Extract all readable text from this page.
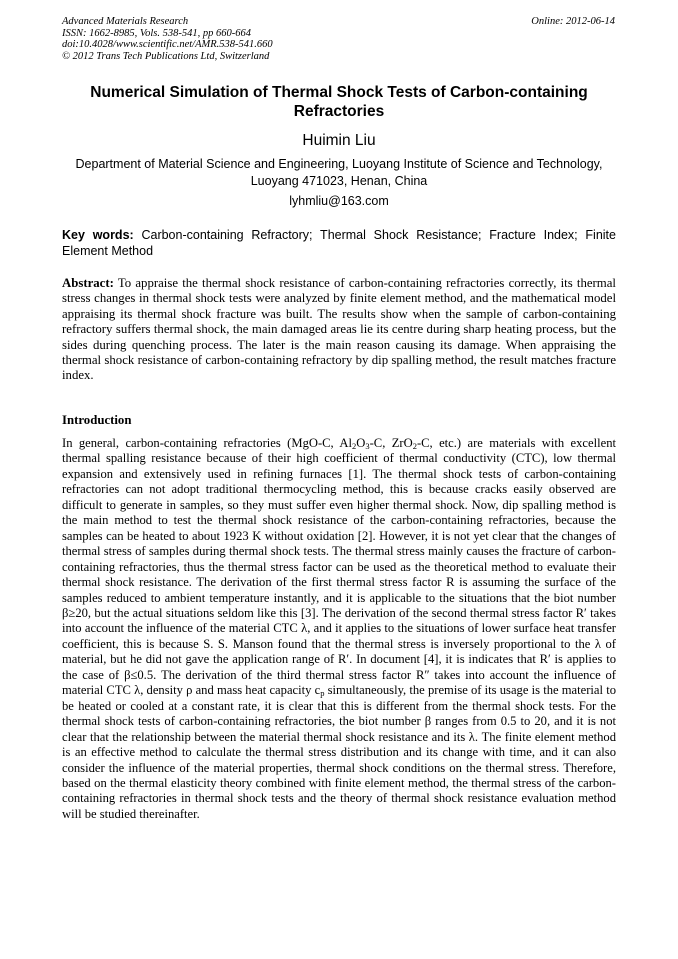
Advanced Materials Research
ISSN: 1662-8985, Vols. 538-541, pp 660-664
doi:10.4028/www.scientific.net/AMR.538-541.660
© 2012 Trans Tech Publications Ltd, Switzerland
Online: 2012-06-14
Numerical Simulation of Thermal Shock Tests of Carbon-containing Refractories
Huimin Liu
Department of Material Science and Engineering, Luoyang Institute of Science and Technology, Luoyang 471023, Henan, China
lyhmliu@163.com
Key words: Carbon-containing Refractory; Thermal Shock Resistance; Fracture Index; Finite Element Method
Abstract: To appraise the thermal shock resistance of carbon-containing refractories correctly, its thermal stress changes in thermal shock tests were analyzed by finite element method, and the mathematical model appraising its thermal shock fracture was built. The results show when the sample of carbon-containing refractory suffers thermal shock, the main damaged areas lie its centre during sharp heating process, but the sides during quenching process. The later is the main reason causing its damage. When appraising the thermal shock resistance of carbon-containing refractory by dip spalling method, the result matches fracture index.
Introduction
In general, carbon-containing refractories (MgO-C, $Al_2O_3-C$, ZrO$_2$-C, etc.) are materials with excellent thermal spalling resistance because of their high coefficient of thermal conductivity (CTC), low thermal expansion and extensively used in refining furnaces [1]. The thermal shock tests of carbon-containing refractories can not adopt traditional thermocycling method, this is because cracks easily observed are difficult to generate in samples, so they must suffer even higher thermal shock. Now, dip spalling method is the main method to test the thermal shock resistance of the carbon-containing refractories, because the samples can be heated to about 1923 K without oxidation [2]. However, it is not yet clear that the changes of thermal stress of samples during thermal shock tests. The thermal stress mainly causes the fracture of carbon-containing refractories, thus the thermal stress factor can be used as the theoretical method to evaluate their thermal shock resistance. The derivation of the first thermal stress factor R is assuming the surface of the samples reduced to ambient temperature instantly, and it is applicable to the situations that the biot number β≥20, but the actual situations seldom like this [3]. The derivation of the second thermal stress factor R′ takes into account the influence of the material CTC λ, and it applies to the situations of lower surface heat transfer coefficient, this is because S. S. Manson found that the thermal stress is inversely proportional to the λ of material, but he did not gave the application range of R′. In document [4], it is indicates that R′ is applies to the case of β≤0.5. The derivation of the third thermal stress factor R″ takes into account the influence of material CTC λ, density ρ and mass heat capacity $c_p$ simultaneously, the premise of its usage is the material to be heated or cooled at a constant rate, it is clear that this is different from the thermal shock tests. For the thermal shock tests of carbon-containing refractories, the biot number β ranges from 0.5 to 20, and it is not clear that the relationship between the material thermal shock resistance and its λ. The finite element method is an effective method to calculate the thermal stress distribution and its change with time, and it can also consider the influence of the material properties, thermal shock conditions on the thermal stress. Therefore, based on the thermal elasticity theory combined with finite element method, the thermal stress of the carbon-containing refractories in thermal shock tests and the theory of thermal shock resistance evaluation method will be studied thereinafter.
